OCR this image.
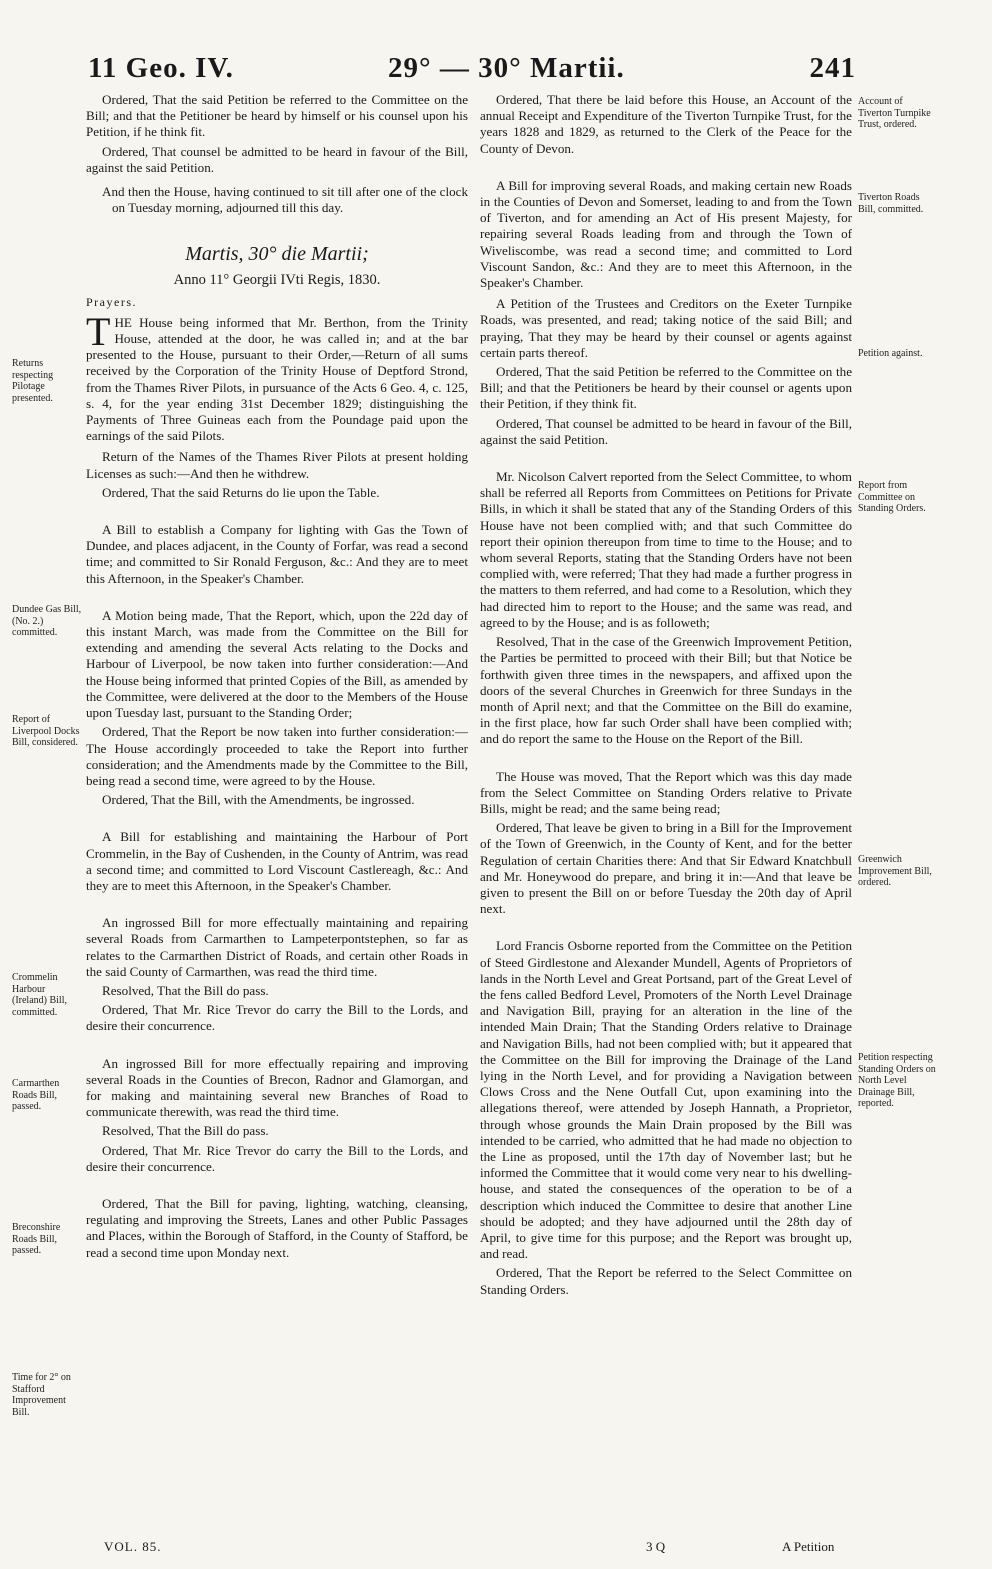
11 Geo. IV.	29° — 30° Martii.	241

Ordered, That the said Petition be referred to the Committee on the Bill; and that the Petitioner be heard by himself or his counsel upon his Petition, if he think fit.

Ordered, That counsel be admitted to be heard in favour of the Bill, against the said Petition.

And then the House, having continued to sit till after one of the clock on Tuesday morning, adjourned till this day.

Martis, 30° die Martii;

Anno 11° Georgii IVti Regis, 1830.

Prayers.

THE House being informed that Mr. Berthon, from the Trinity House, attended at the door, he was called in; and at the bar presented to the House, pursuant to their Order,—Return of all sums received by the Corporation of the Trinity House of Deptford Strond, from the Thames River Pilots, in pursuance of the Acts 6 Geo. 4, c. 125, s. 4, for the year ending 31st December 1829; distinguishing the Payments of Three Guineas each from the Poundage paid upon the earnings of the said Pilots.

Return of the Names of the Thames River Pilots at present holding Licenses as such:—And then he withdrew.

Ordered, That the said Returns do lie upon the Table.

A Bill to establish a Company for lighting with Gas the Town of Dundee, and places adjacent, in the County of Forfar, was read a second time; and committed to Sir Ronald Ferguson, &c.: And they are to meet this Afternoon, in the Speaker's Chamber.

A Motion being made, That the Report, which, upon the 22d day of this instant March, was made from the Committee on the Bill for extending and amending the several Acts relating to the Docks and Harbour of Liverpool, be now taken into further consideration:—And the House being informed that printed Copies of the Bill, as amended by the Committee, were delivered at the door to the Members of the House upon Tuesday last, pursuant to the Standing Order;

Ordered, That the Report be now taken into further consideration:—The House accordingly proceeded to take the Report into further consideration; and the Amendments made by the Committee to the Bill, being read a second time, were agreed to by the House.

Ordered, That the Bill, with the Amendments, be ingrossed.

A Bill for establishing and maintaining the Harbour of Port Crommelin, in the Bay of Cushenden, in the County of Antrim, was read a second time; and committed to Lord Viscount Castlereagh, &c.: And they are to meet this Afternoon, in the Speaker's Chamber.

An ingrossed Bill for more effectually maintaining and repairing several Roads from Carmarthen to Lampeterpontstephen, so far as relates to the Carmarthen District of Roads, and certain other Roads in the said County of Carmarthen, was read the third time.

Resolved, That the Bill do pass.

Ordered, That Mr. Rice Trevor do carry the Bill to the Lords, and desire their concurrence.

An ingrossed Bill for more effectually repairing and improving several Roads in the Counties of Brecon, Radnor and Glamorgan, and for making and maintaining several new Branches of Road to communicate therewith, was read the third time.

Resolved, That the Bill do pass.

Ordered, That Mr. Rice Trevor do carry the Bill to the Lords, and desire their concurrence.

Ordered, That the Bill for paving, lighting, watching, cleansing, regulating and improving the Streets, Lanes and other Public Passages and Places, within the Borough of Stafford, in the County of Stafford, be read a second time upon Monday next.

Ordered, That there be laid before this House, an Account of the annual Receipt and Expenditure of the Tiverton Turnpike Trust, for the years 1828 and 1829, as returned to the Clerk of the Peace for the County of Devon.

A Bill for improving several Roads, and making certain new Roads in the Counties of Devon and Somerset, leading to and from the Town of Tiverton, and for amending an Act of His present Majesty, for repairing several Roads leading from and through the Town of Wiveliscombe, was read a second time; and committed to Lord Viscount Sandon, &c.: And they are to meet this Afternoon, in the Speaker's Chamber.

A Petition of the Trustees and Creditors on the Exeter Turnpike Roads, was presented, and read; taking notice of the said Bill; and praying, That they may be heard by their counsel or agents against certain parts thereof.

Ordered, That the said Petition be referred to the Committee on the Bill; and that the Petitioners be heard by their counsel or agents upon their Petition, if they think fit.

Ordered, That counsel be admitted to be heard in favour of the Bill, against the said Petition.

Mr. Nicolson Calvert reported from the Select Committee, to whom shall be referred all Reports from Committees on Petitions for Private Bills, in which it shall be stated that any of the Standing Orders of this House have not been complied with; and that such Committee do report their opinion thereupon from time to time to the House; and to whom several Reports, stating that the Standing Orders have not been complied with, were referred; That they had made a further progress in the matters to them referred, and had come to a Resolution, which they had directed him to report to the House; and the same was read, and agreed to by the House; and is as followeth;

Resolved, That in the case of the Greenwich Improvement Petition, the Parties be permitted to proceed with their Bill; but that Notice be forthwith given three times in the newspapers, and affixed upon the doors of the several Churches in Greenwich for three Sundays in the month of April next; and that the Committee on the Bill do examine, in the first place, how far such Order shall have been complied with; and do report the same to the House on the Report of the Bill.

The House was moved, That the Report which was this day made from the Select Committee on Standing Orders relative to Private Bills, might be read; and the same being read;

Ordered, That leave be given to bring in a Bill for the Improvement of the Town of Greenwich, in the County of Kent, and for the better Regulation of certain Charities there: And that Sir Edward Knatchbull and Mr. Honeywood do prepare, and bring it in:—And that leave be given to present the Bill on or before Tuesday the 20th day of April next.

Lord Francis Osborne reported from the Committee on the Petition of Steed Girdlestone and Alexander Mundell, Agents of Proprietors of lands in the North Level and Great Portsand, part of the Great Level of the fens called Bedford Level, Promoters of the North Level Drainage and Navigation Bill, praying for an alteration in the line of the intended Main Drain; That the Standing Orders relative to Drainage and Navigation Bills, had not been complied with; but it appeared that the Committee on the Bill for improving the Drainage of the Land lying in the North Level, and for providing a Navigation between Clows Cross and the Nene Outfall Cut, upon examining into the allegations thereof, were attended by Joseph Hannath, a Proprietor, through whose grounds the Main Drain proposed by the Bill was intended to be carried, who admitted that he had made no objection to the Line as proposed, until the 17th day of November last; but he informed the Committee that it would come very near to his dwelling-house, and stated the consequences of the operation to be of a description which induced the Committee to desire that another Line should be adopted; and they have adjourned until the 28th day of April, to give time for this purpose; and the Report was brought up, and read.

Ordered, That the Report be referred to the Select Committee on Standing Orders.

Returns respecting Pilotage presented.
Dundee Gas Bill, (No. 2.) committed.
Report of Liverpool Docks Bill, considered.
Crommelin Harbour (Ireland) Bill, committed.
Carmarthen Roads Bill, passed.
Breconshire Roads Bill, passed.
Time for 2° on Stafford Improvement Bill.
Account of Tiverton Turnpike Trust, ordered.
Tiverton Roads Bill, committed.
Petition against.
Report from Committee on Standing Orders.
Greenwich Improvement Bill, ordered.
Petition respecting Standing Orders on North Level Drainage Bill, reported.
VOL. 85.	3 Q	A Petition
